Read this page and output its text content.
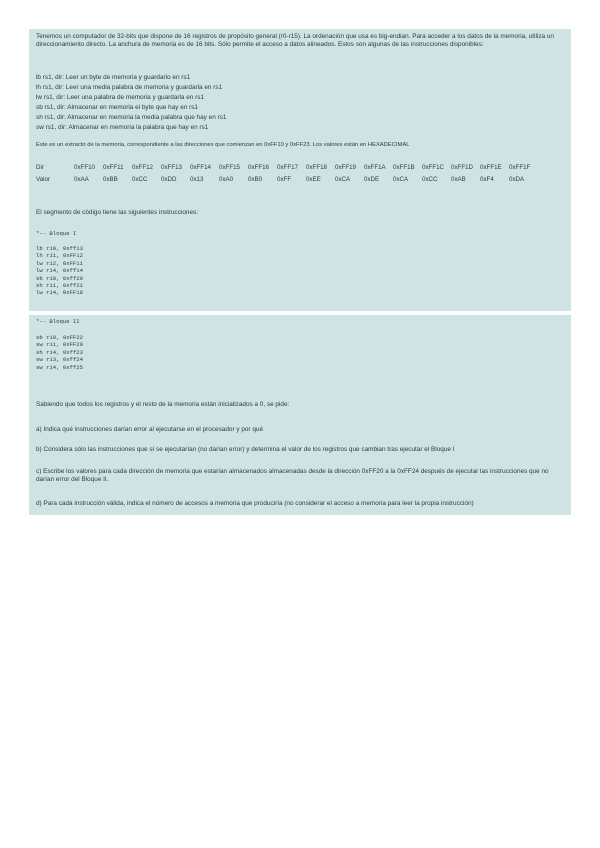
Tenemos un computador de 32-bits que dispone de 16 registros de propósito general (r0-r15). La ordenación que usa es big-endian. Para acceder a los datos de la memoria, utiliza un direccionamiento directo. La anchura de memoria es de 16 bits. Sólo permite el acceso a datos alineados. Estos son algunas de las instrucciones disponibles:
lb rs1, dir: Leer un byte de memoria y guardarlo en rs1
lh rs1, dir: Leer una media palabra de memoria y guardarla en rs1
lw rs1, dir: Leer una palabra de memoria y guardarla en rs1
sb rs1, dir: Almacenar en memoria el byte que hay en rs1
sh rs1, dir: Almacenar en memoria la media palabra que hay en rs1
sw rs1, dir: Almacenar en memoria la palabra que hay en rs1
Este es un extracto de la memoria, correspondiente a las direcciones que comienzan en 0xFF10 y 0xFF23. Los valores están en HEXADECIMAL
Dir	0xFF10 0xFF11 0xFF12 0xFF13 0xFF14 0xFF15 0xFF16 0xFF17 0xFF18 0xFF19 0xFF1A 0xFF1B 0xFF1C 0xFF1D 0xFF1E 0xFF1F
Valor	0xAA 0xBB 0xCC 0xDD 0x13	0xA0 0xB0 0xFF 0xEE 0xCA 0xDE 0xCA 0xCC 0xAB 0xF4 0xDA
El segmento de código tiene las siguientes instrucciones:
*-- Bloque I
lb r10, 0xff13
lh r11, 0xFF12
lw r12, 0xFF11
lw r14, 0xff14
sb r10, 0xff20
sh r11, 0xff21
lw r14, 0xFF18
*-- Bloque II
sb r10, 0xFF22
sw r11, 0xFF20
sh r14, 0xff23
sw r13, 0xff24
sw r14, 0xff25
Sabiendo que todos los registros y el resto de la memoria están inicializados a 0, se pide:
a) Indica qué instrucciones darían error al ejecutarse en el procesador y por qué
b) Considera sólo las instrucciones que sí se ejecutarían (no darían error) y determina el valor de los registros que cambian tras ejecutar el Bloque I
c) Escribe los valores para cada dirección de memoria que estarían almacenados almacenadas desde la dirección 0xFF20 a la 0xFF24 después de ejecutar las instrucciones que no darían error del Bloque II.
d) Para cada instrucción válida, indica el número de accesos a memoria que produciría (no considerar el acceso a memoria para leer la propia instrucción)
